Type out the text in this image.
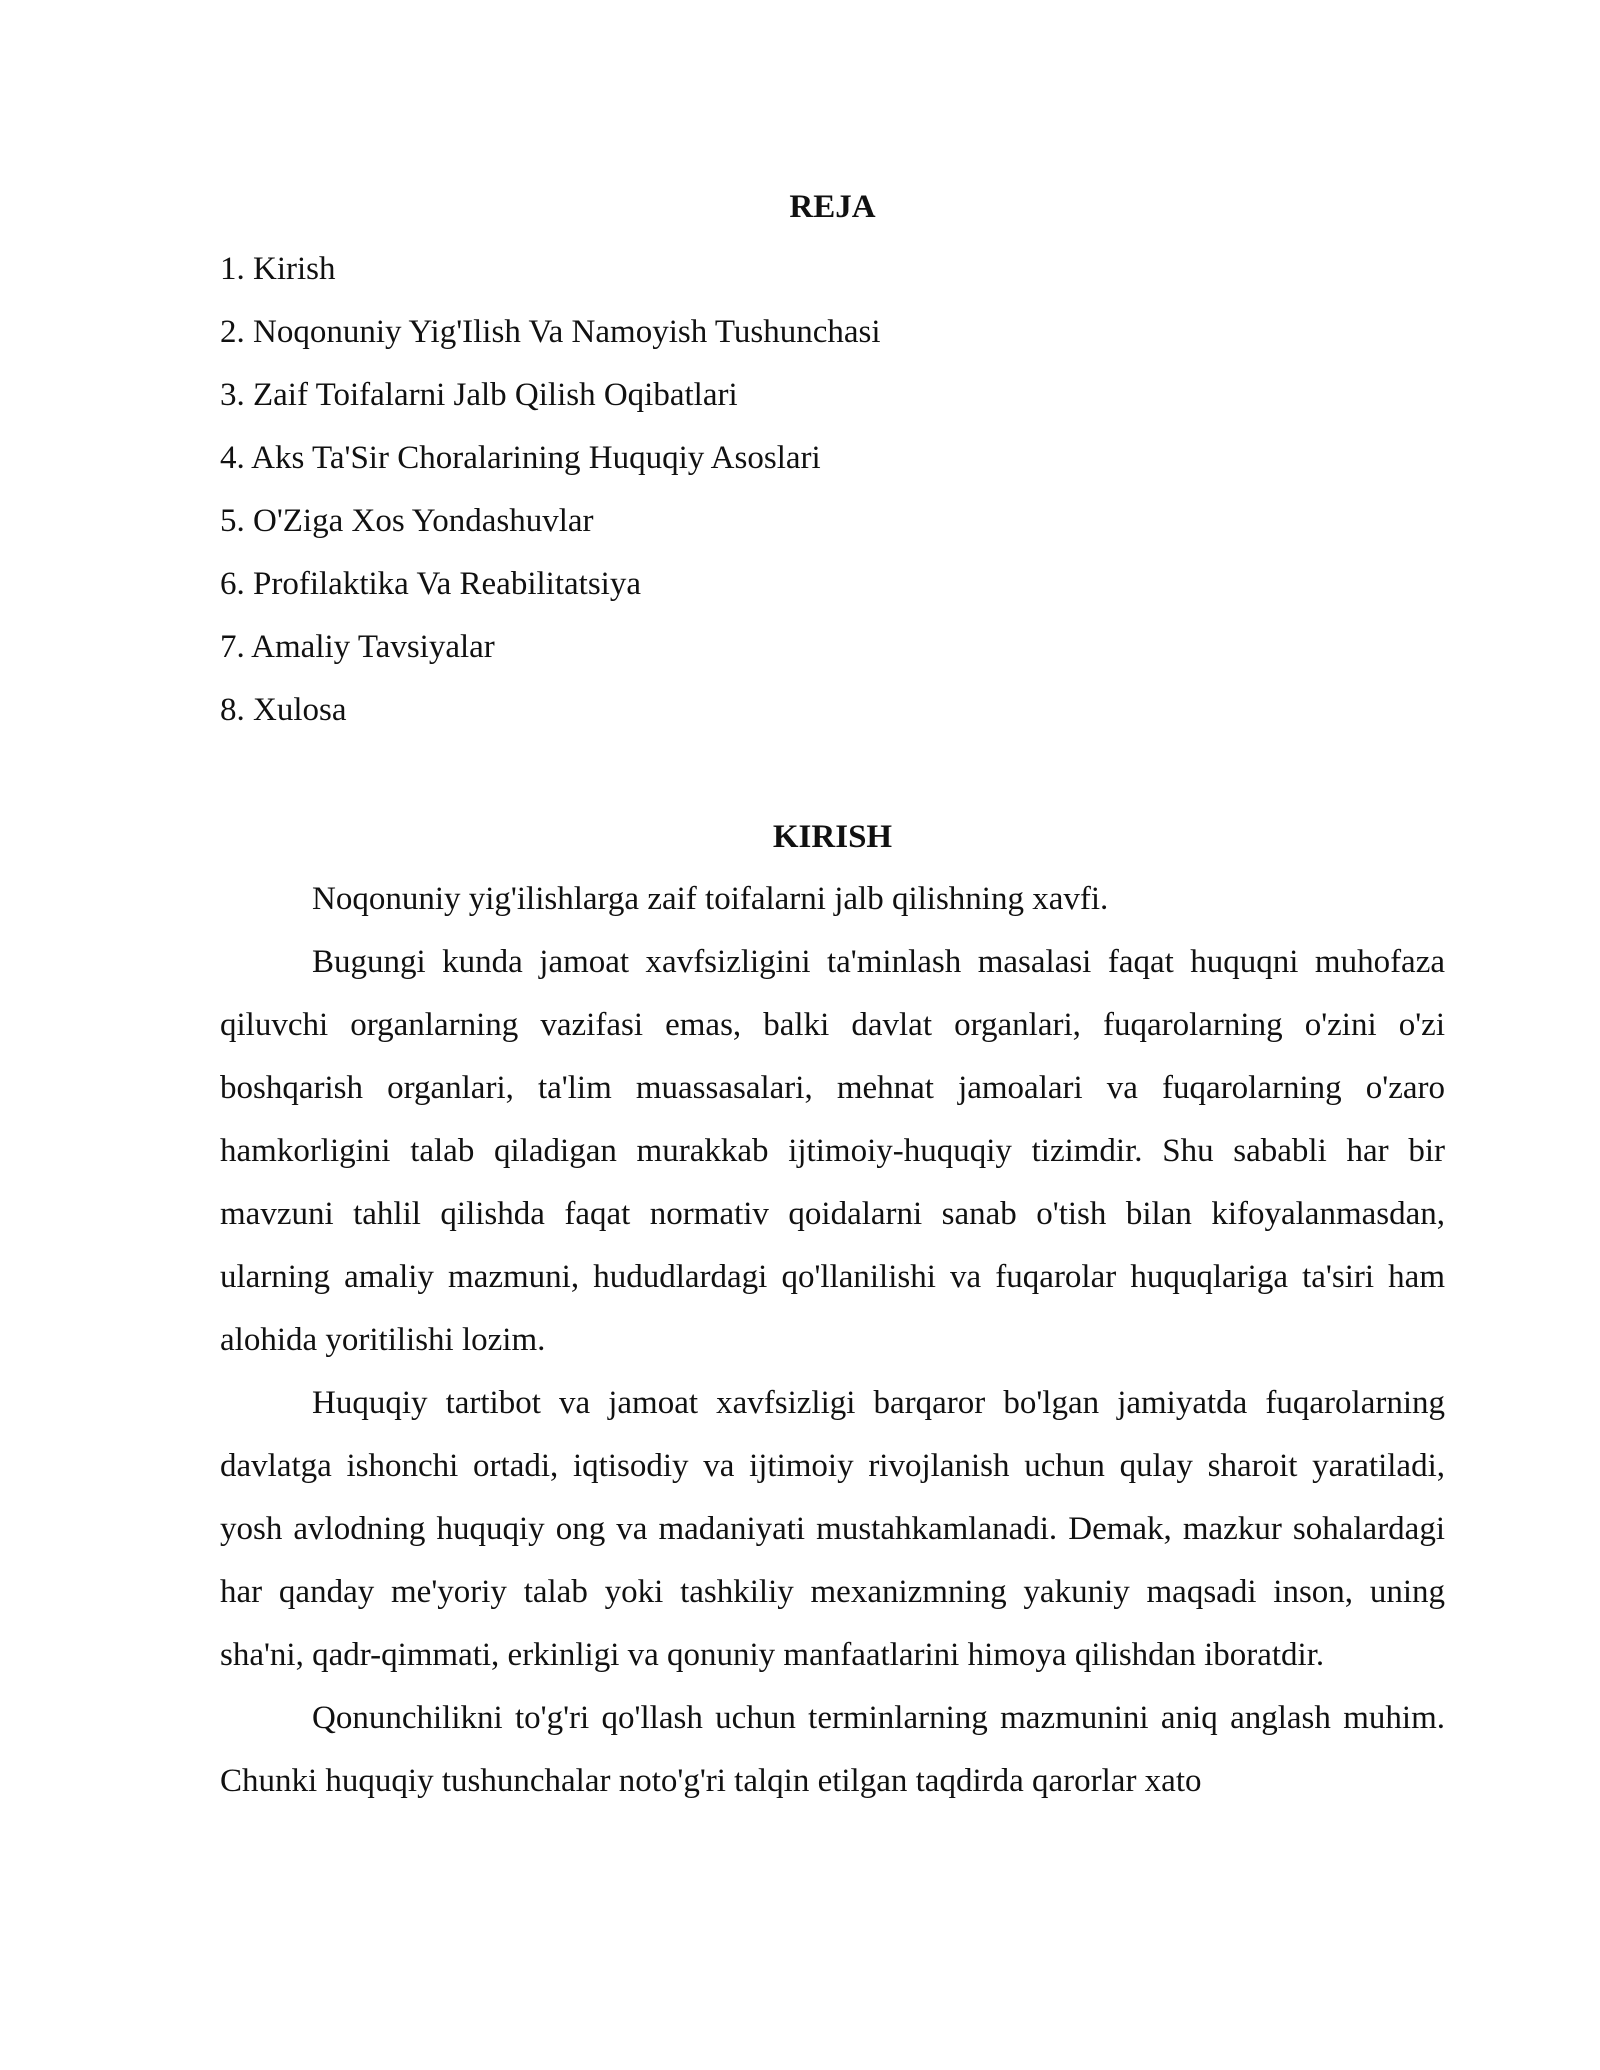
REJA
1. Kirish
2. Noqonuniy Yig'Ilish Va Namoyish Tushunchasi
3. Zaif Toifalarni Jalb Qilish Oqibatlari
4. Aks Ta'Sir Choralarining Huquqiy Asoslari
5. O'Ziga Xos Yondashuvlar
6. Profilaktika Va Reabilitatsiya
7. Amaliy Tavsiyalar
8. Xulosa
KIRISH

Noqonuniy yig'ilishlarga zaif toifalarni jalb qilishning xavfi.

Bugungi kunda jamoat xavfsizligini ta'minlash masalasi faqat huquqni muhofaza qiluvchi organlarning vazifasi emas, balki davlat organlari, fuqarolarning o'zini o'zi boshqarish organlari, ta'lim muassasalari, mehnat jamoalari va fuqarolarning o'zaro hamkorligini talab qiladigan murakkab ijtimoiy-huquqiy tizimdir. Shu sababli har bir mavzuni tahlil qilishda faqat normativ qoidalarni sanab o'tish bilan kifoyalanmasdan, ularning amaliy mazmuni, hududlardagi qo'llanilishi va fuqarolar huquqlariga ta'siri ham alohida yoritilishi lozim.

Huquqiy tartibot va jamoat xavfsizligi barqaror bo'lgan jamiyatda fuqarolarning davlatga ishonchi ortadi, iqtisodiy va ijtimoiy rivojlanish uchun qulay sharoit yaratiladi, yosh avlodning huquqiy ong va madaniyati mustahkamlanadi. Demak, mazkur sohalardagi har qanday me'yoriy talab yoki tashkiliy mexanizmning yakuniy maqsadi inson, uning sha'ni, qadr-qimmati, erkinligi va qonuniy manfaatlarini himoya qilishdan iboratdir.

Qonunchilikni to'g'ri qo'llash uchun terminlarning mazmunini aniq anglash muhim. Chunki huquqiy tushunchalar noto'g'ri talqin etilgan taqdirda qarorlar xato
